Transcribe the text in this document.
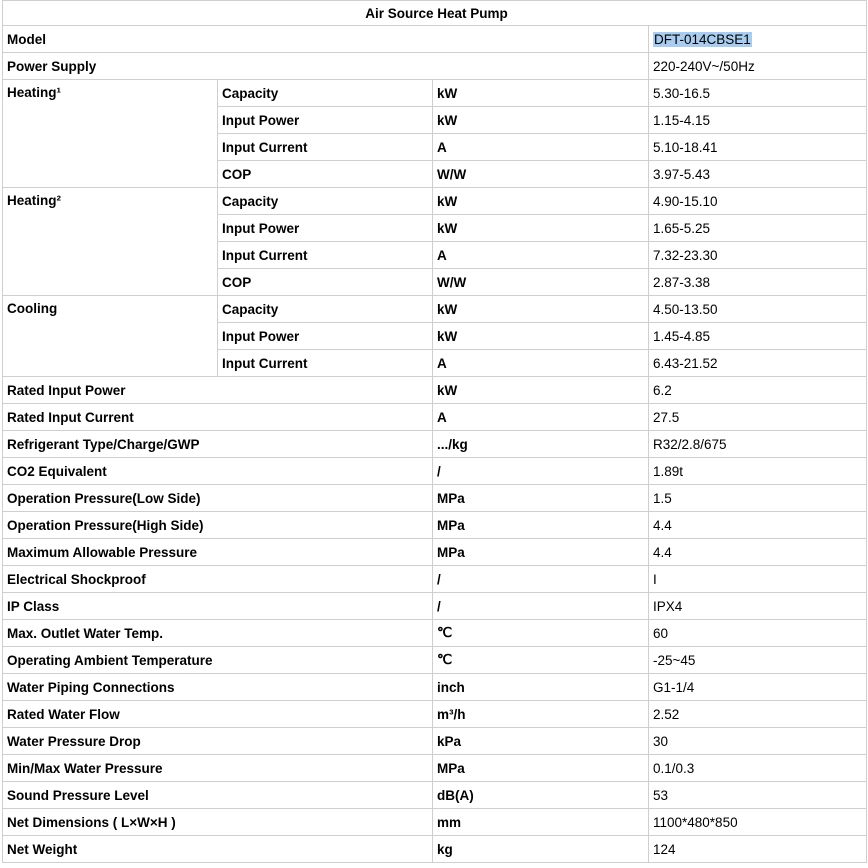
Air Source Heat Pump			
Model			DFT-014CBSE1
Power Supply			220-240V~/50Hz
Heating¹	Capacity	kW	5.30-16.5
	Input Power	kW	1.15-4.15
	Input Current	A	5.10-18.41
	COP	W/W	3.97-5.43
Heating²	Capacity	kW	4.90-15.10
	Input Power	kW	1.65-5.25
	Input Current	A	7.32-23.30
	COP	W/W	2.87-3.38
Cooling	Capacity	kW	4.50-13.50
	Input Power	kW	1.45-4.85
	Input Current	A	6.43-21.52
Rated Input Power		kW	6.2
Rated Input Current		A	27.5
Refrigerant Type/Charge/GWP		.../kg	R32/2.8/675
CO2 Equivalent		/	1.89t
Operation Pressure(Low Side)		MPa	1.5
Operation Pressure(High Side)		MPa	4.4
Maximum Allowable Pressure		MPa	4.4
Electrical Shockproof		/	I
IP Class		/	IPX4
Max. Outlet Water Temp.		℃	60
Operating Ambient Temperature		℃	-25~45
Water Piping Connections		inch	G1-1/4
Rated Water Flow		m³/h	2.52
Water Pressure Drop		kPa	30
Min/Max Water Pressure		MPa	0.1/0.3
Sound Pressure Level		dB(A)	53
Net Dimensions ( L×W×H )		mm	1100*480*850
Net Weight		kg	124
